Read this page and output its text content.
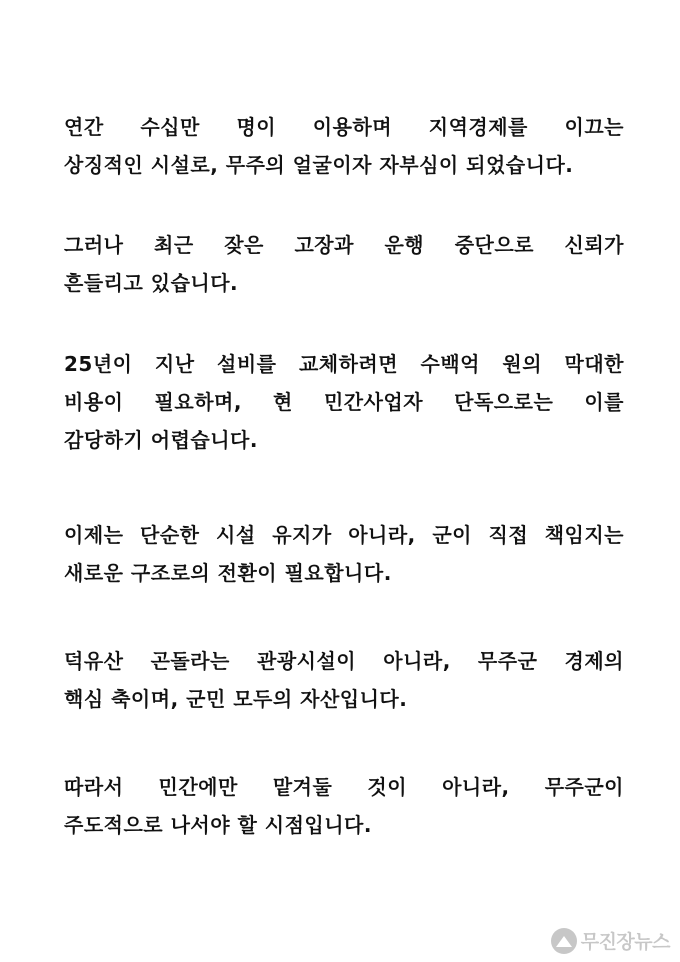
연간 수십만 명이 이용하며 지역경제를 이끄는
상징적인 시설로, 무주의 얼굴이자 자부심이 되었습니다.
그러나 최근 잦은 고장과 운행 중단으로 신뢰가
흔들리고 있습니다.
25년이 지난 설비를 교체하려면 수백억 원의 막대한
비용이 필요하며, 현 민간사업자 단독으로는 이를
감당하기 어렵습니다.
이제는 단순한 시설 유지가 아니라, 군이 직접 책임지는
새로운 구조로의 전환이 필요합니다.
덕유산 곤돌라는 관광시설이 아니라, 무주군 경제의
핵심 축이며, 군민 모두의 자산입니다.
따라서 민간에만 맡겨둘 것이 아니라, 무주군이
주도적으로 나서야 할 시점입니다.
무진장뉴스
